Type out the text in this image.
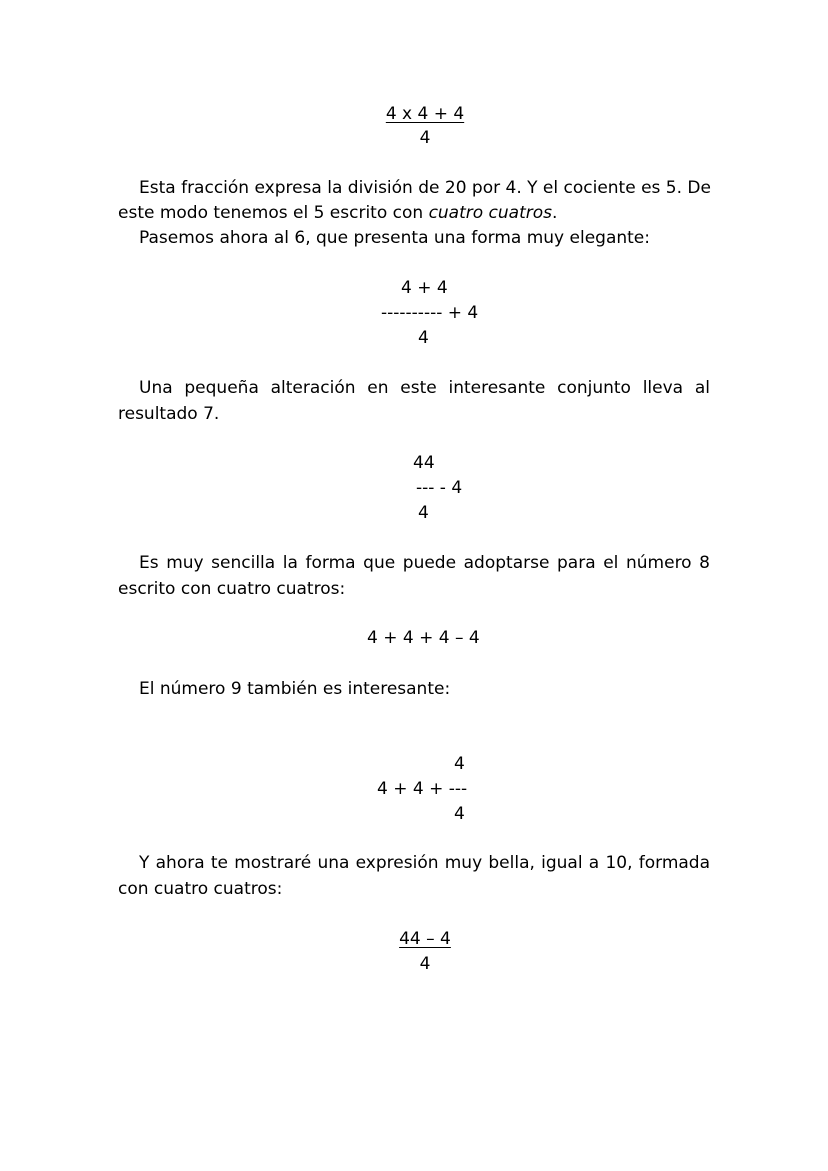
4 x 4 + 4
4
Esta fracción expresa la división de 20 por 4. Y el cociente es 5. De
este modo tenemos el 5 escrito con cuatro cuatros.
Pasemos ahora al 6, que presenta una forma muy elegante:
4 + 4
---------- + 4
4
Una pequeña alteración en este interesante conjunto lleva al
resultado 7.
44
--- - 4
4
Es muy sencilla la forma que puede adoptarse para el número 8
escrito con cuatro cuatros:
4 + 4 + 4 – 4
El número 9 también es interesante:
4
4 + 4 + ---
4
Y ahora te mostraré una expresión muy bella, igual a 10, formada
con cuatro cuatros:
44 – 4
4
